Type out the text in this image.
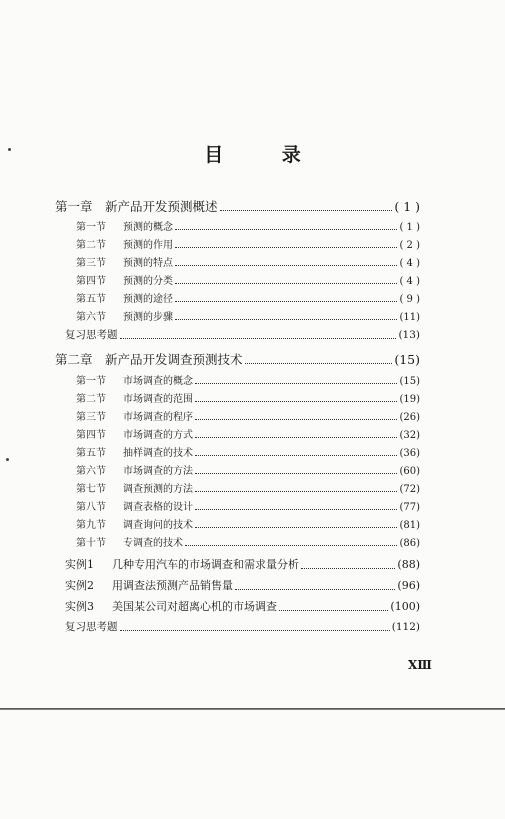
目 录
第一章 新产品开发预测概述	( 1 )
第一节	预测的概念	( 1 )
第二节	预测的作用	( 2 )
第三节	预测的特点	( 4 )
第四节	预测的分类	( 4 )
第五节	预测的途径	( 9 )
第六节	预测的步骤	(11)
复习思考题	(13)
第二章 新产品开发调查预测技术	(15)
第一节	市场调查的概念	(15)
第二节	市场调查的范围	(19)
第三节	市场调查的程序	(26)
第四节	市场调查的方式	(32)
第五节	抽样调查的技术	(36)
第六节	市场调查的方法	(60)
第七节	调查预测的方法	(72)
第八节	调查表格的设计	(77)
第九节	调查询问的技术	(81)
第十节	专调查的技术	(86)
实例1	几种专用汽车的市场调查和需求量分析	(88)
实例2	用调查法预测产品销售量	(96)
实例3	美国某公司对超离心机的市场调查	(100)
复习思考题	(112)
XⅢ
